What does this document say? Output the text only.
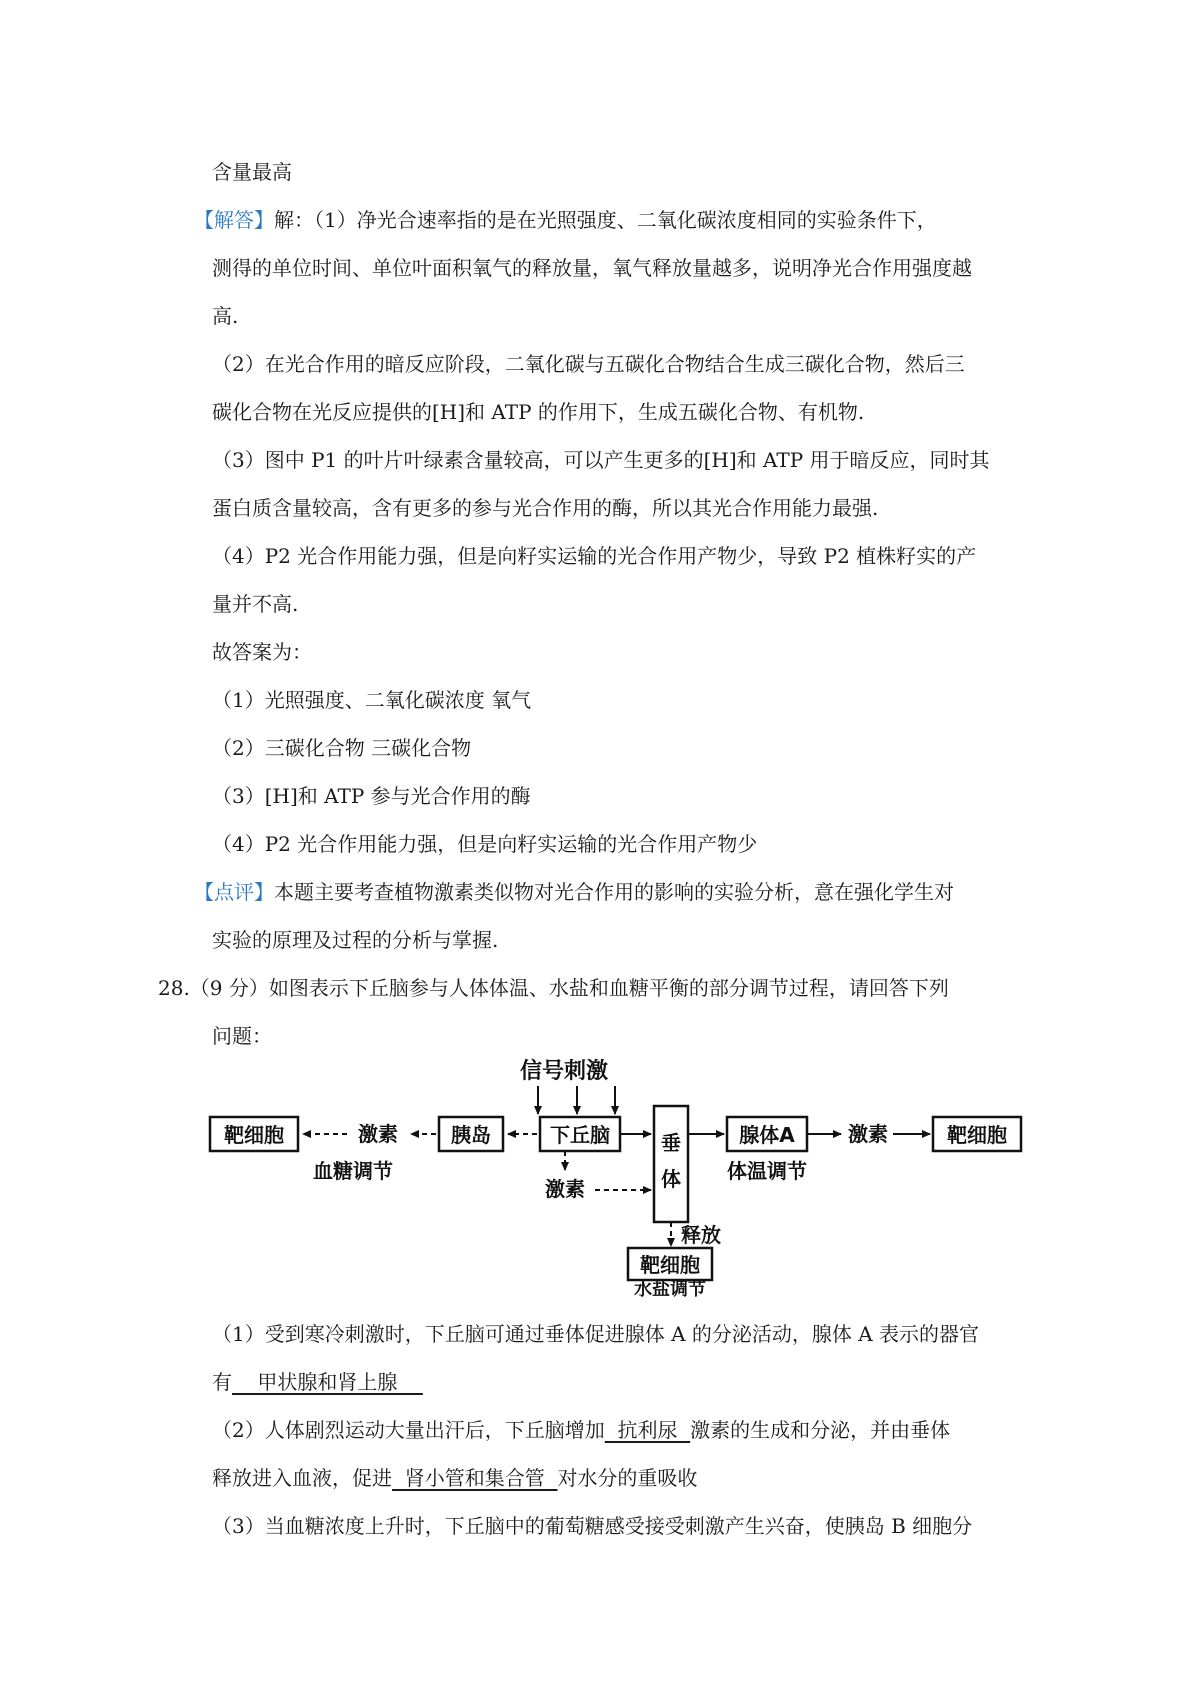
含量最高
【解答】解：（1）净光合速率指的是在光照强度、二氧化碳浓度相同的实验条件下，
测得的单位时间、单位叶面积氧气的释放量，氧气释放量越多，说明净光合作用强度越
高.
（2）在光合作用的暗反应阶段，二氧化碳与五碳化合物结合生成三碳化合物，然后三
碳化合物在光反应提供的[H]和 ATP 的作用下，生成五碳化合物、有机物.
（3）图中 P1 的叶片叶绿素含量较高，可以产生更多的[H]和 ATP 用于暗反应，同时其
蛋白质含量较高，含有更多的参与光合作用的酶，所以其光合作用能力最强.
（4）P2 光合作用能力强，但是向籽实运输的光合作用产物少，导致 P2 植株籽实的产
量并不高.
故答案为：
（1）光照强度、二氧化碳浓度 氧气
（2）三碳化合物 三碳化合物
（3）[H]和 ATP 参与光合作用的酶
（4）P2 光合作用能力强，但是向籽实运输的光合作用产物少
【点评】本题主要考查植物激素类似物对光合作用的影响的实验分析，意在强化学生对
实验的原理及过程的分析与掌握.
28.（9 分）如图表示下丘脑参与人体体温、水盐和血糖平衡的部分调节过程，请回答下列
问题：
信号刺激
靶细胞	激素	胰岛	下丘脑
激素
垂
体
腺体A	激素	靶细胞
血糖调节	体温调节
释放
靶细胞
水盐调节
（1）受到寒冷刺激时，下丘脑可通过垂体促进腺体 A 的分泌活动，腺体 A 表示的器官
有    甲状腺和肾上腺
（2）人体剧烈运动大量出汗后，下丘脑增加  抗利尿  激素的生成和分泌，并由垂体
释放进入血液，促进  肾小管和集合管  对水分的重吸收
（3）当血糖浓度上升时，下丘脑中的葡萄糖感受接受刺激产生兴奋，使胰岛 B 细胞分
